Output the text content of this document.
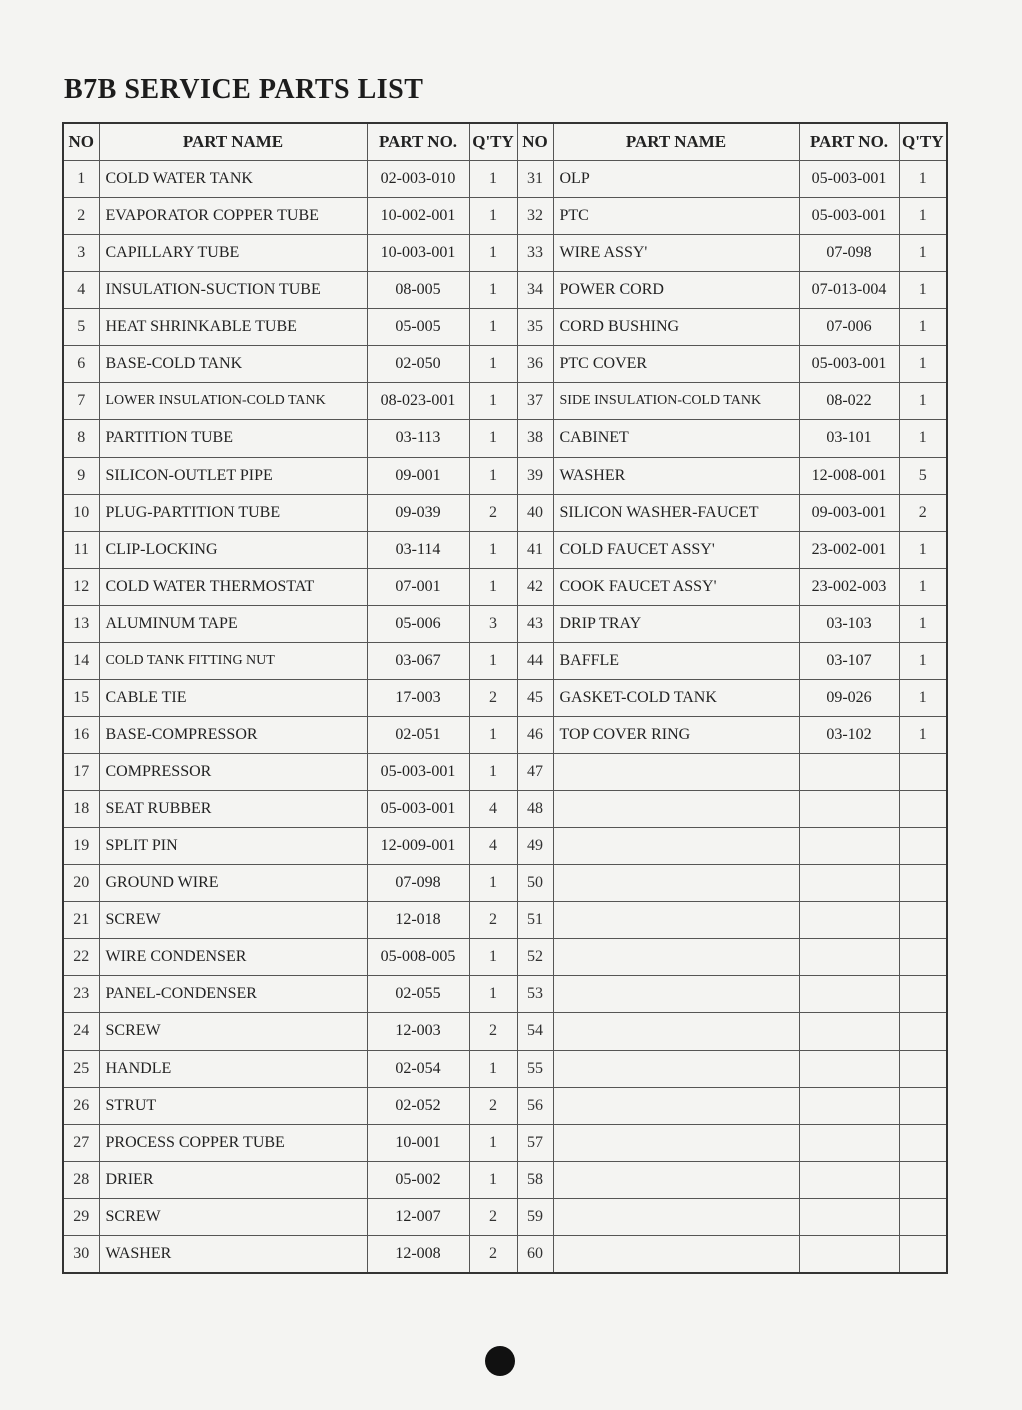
B7B SERVICE PARTS LIST
NO	PART NAME	PART NO.	Q'TY	NO	PART NAME	PART NO.	Q'TY
1	COLD WATER TANK	02-003-010	1	31	OLP	05-003-001	1
2	EVAPORATOR COPPER TUBE	10-002-001	1	32	PTC	05-003-001	1
3	CAPILLARY TUBE	10-003-001	1	33	WIRE ASSY'	07-098	1
4	INSULATION-SUCTION TUBE	08-005	1	34	POWER CORD	07-013-004	1
5	HEAT SHRINKABLE TUBE	05-005	1	35	CORD BUSHING	07-006	1
6	BASE-COLD TANK	02-050	1	36	PTC COVER	05-003-001	1
7	LOWER INSULATION-COLD TANK	08-023-001	1	37	SIDE INSULATION-COLD TANK	08-022	1
8	PARTITION TUBE	03-113	1	38	CABINET	03-101	1
9	SILICON-OUTLET PIPE	09-001	1	39	WASHER	12-008-001	5
10	PLUG-PARTITION TUBE	09-039	2	40	SILICON WASHER-FAUCET	09-003-001	2
11	CLIP-LOCKING	03-114	1	41	COLD FAUCET ASSY'	23-002-001	1
12	COLD WATER THERMOSTAT	07-001	1	42	COOK FAUCET ASSY'	23-002-003	1
13	ALUMINUM TAPE	05-006	3	43	DRIP TRAY	03-103	1
14	COLD TANK FITTING NUT	03-067	1	44	BAFFLE	03-107	1
15	CABLE TIE	17-003	2	45	GASKET-COLD TANK	09-026	1
16	BASE-COMPRESSOR	02-051	1	46	TOP COVER RING	03-102	1
17	COMPRESSOR	05-003-001	1	47			
18	SEAT RUBBER	05-003-001	4	48			
19	SPLIT PIN	12-009-001	4	49			
20	GROUND WIRE	07-098	1	50			
21	SCREW	12-018	2	51			
22	WIRE CONDENSER	05-008-005	1	52			
23	PANEL-CONDENSER	02-055	1	53			
24	SCREW	12-003	2	54			
25	HANDLE	02-054	1	55			
26	STRUT	02-052	2	56			
27	PROCESS COPPER TUBE	10-001	1	57			
28	DRIER	05-002	1	58			
29	SCREW	12-007	2	59			
30	WASHER	12-008	2	60			
